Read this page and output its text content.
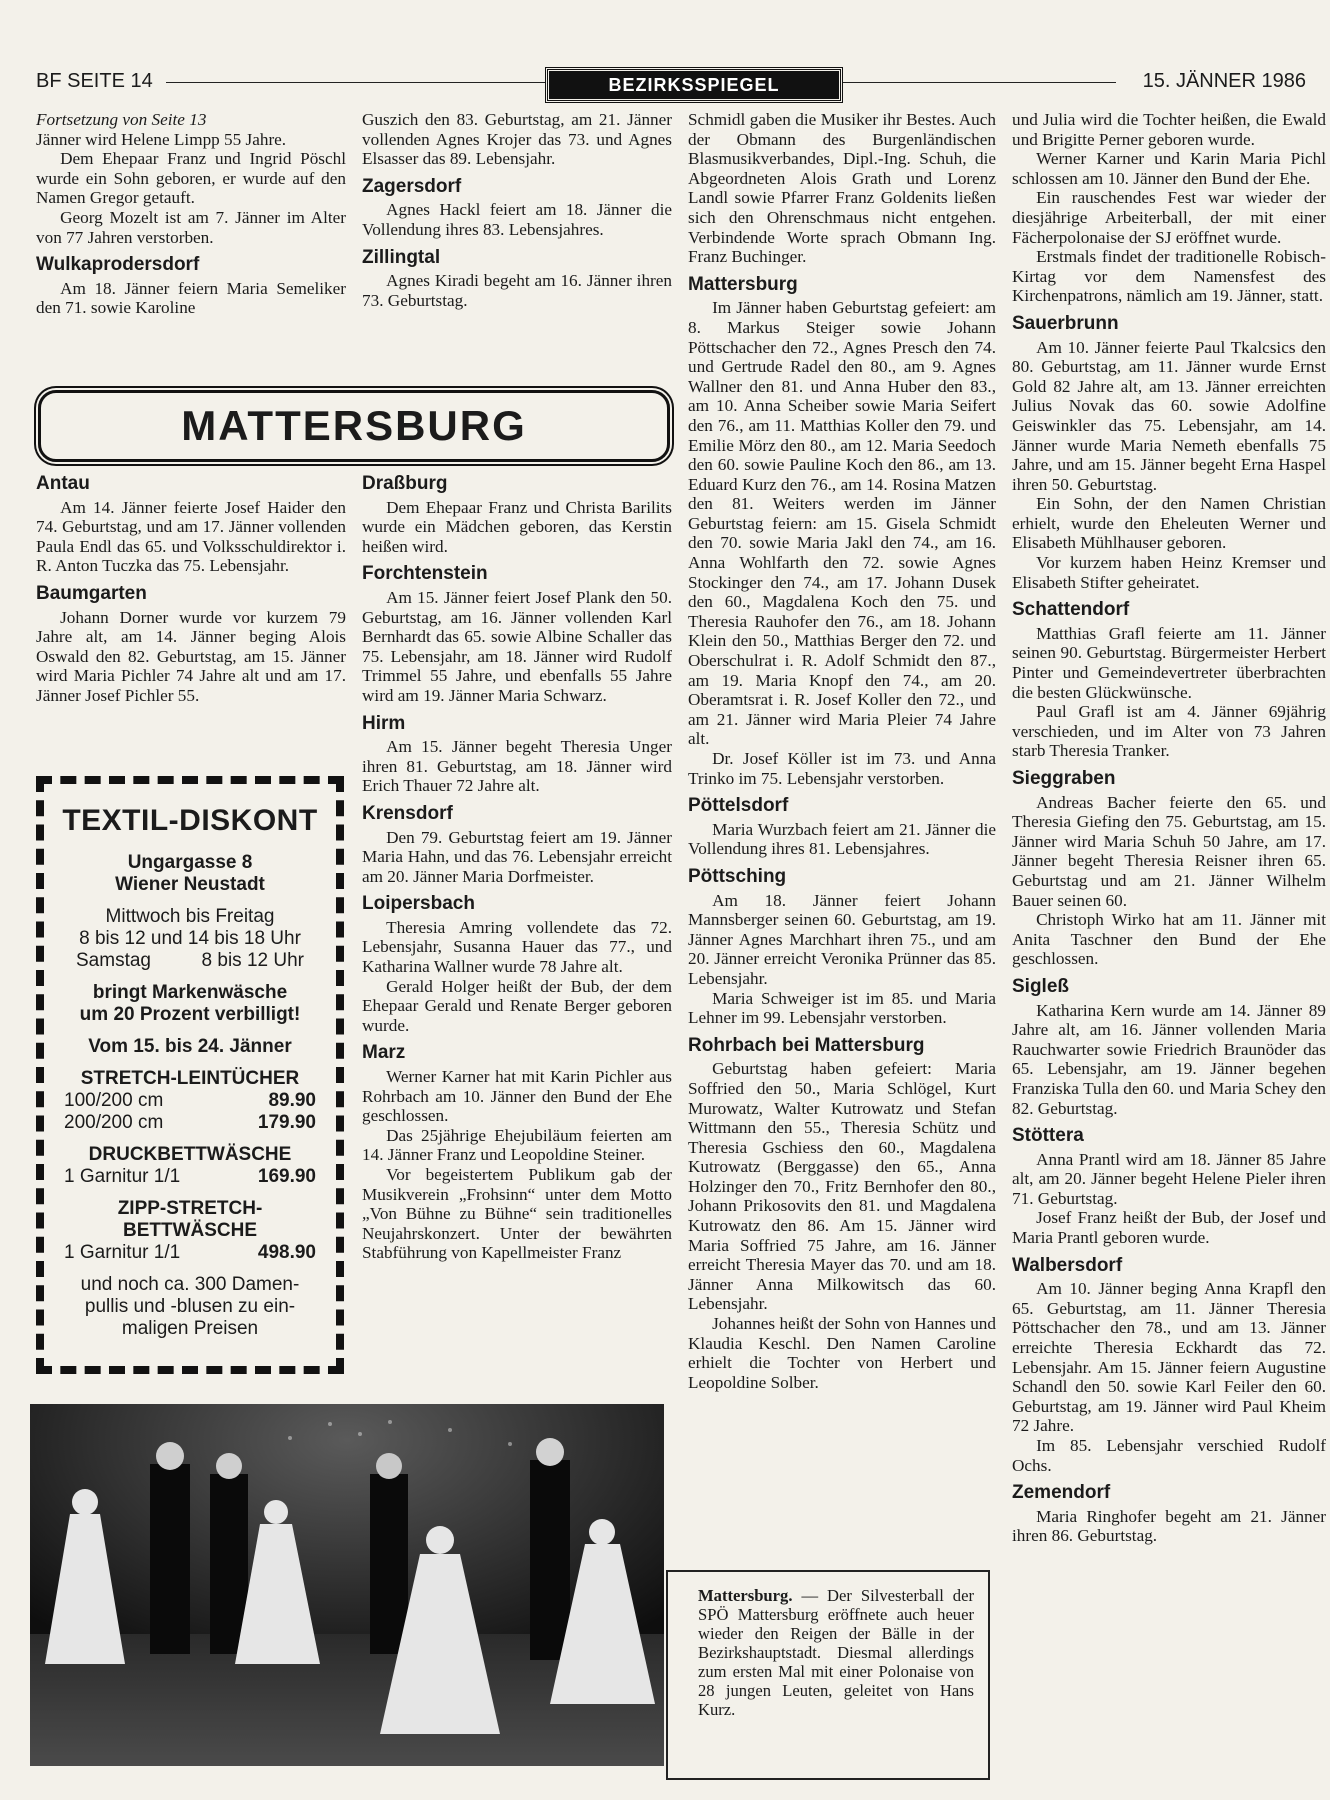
BF SEITE 14	BEZIRKSSPIEGEL	15. JÄNNER 1986

Fortsetzung von Seite 13

Jänner wird Helene Limpp 55 Jahre.

Dem Ehepaar Franz und Ingrid Pöschl wurde ein Sohn geboren, er wurde auf den Namen Gregor getauft.

Georg Mozelt ist am 7. Jänner im Alter von 77 Jahren verstorben.

Wulkaprodersdorf

Am 18. Jänner feiern Maria Semeliker den 71. sowie Karoline

Guszich den 83. Geburtstag, am 21. Jänner vollenden Agnes Krojer das 73. und Agnes Elsasser das 89. Lebensjahr.

Zagersdorf

Agnes Hackl feiert am 18. Jänner die Vollendung ihres 83. Lebensjahres.

Zillingtal

Agnes Kiradi begeht am 16. Jänner ihren 73. Geburtstag.

MATTERSBURG
Antau

Am 14. Jänner feierte Josef Haider den 74. Geburtstag, und am 17. Jänner vollenden Paula Endl das 65. und Volksschuldirektor i. R. Anton Tuczka das 75. Lebensjahr.

Baumgarten

Johann Dorner wurde vor kurzem 79 Jahre alt, am 14. Jänner beging Alois Oswald den 82. Geburtstag, am 15. Jänner wird Maria Pichler 74 Jahre alt und am 17. Jänner Josef Pichler 55.

TEXTIL-DISKONT
Ungargasse 8
Wiener Neustadt
Mittwoch bis Freitag
8 bis 12 und 14 bis 18 Uhr
Samstag	8 bis 12 Uhr
bringt Markenwäsche
um 20 Prozent verbilligt!
Vom 15. bis 24. Jänner
STRETCH-LEINTÜCHER
100/200 cm	89.90
200/200 cm	179.90
DRUCKBETTWÄSCHE
1 Garnitur 1/1	169.90
ZIPP-STRETCH-
BETTWÄSCHE
1 Garnitur 1/1	498.90
und noch ca. 300 Damen-
pullis und -blusen zu ein-
maligen Preisen
Draßburg

Dem Ehepaar Franz und Christa Barilits wurde ein Mädchen geboren, das Kerstin heißen wird.

Forchtenstein

Am 15. Jänner feiert Josef Plank den 50. Geburtstag, am 16. Jänner vollenden Karl Bernhardt das 65. sowie Albine Schaller das 75. Lebensjahr, am 18. Jänner wird Rudolf Trimmel 55 Jahre, und ebenfalls 55 Jahre wird am 19. Jänner Maria Schwarz.

Hirm

Am 15. Jänner begeht Theresia Unger ihren 81. Geburtstag, am 18. Jänner wird Erich Thauer 72 Jahre alt.

Krensdorf

Den 79. Geburtstag feiert am 19. Jänner Maria Hahn, und das 76. Lebensjahr erreicht am 20. Jänner Maria Dorfmeister.

Loipersbach

Theresia Amring vollendete das 72. Lebensjahr, Susanna Hauer das 77., und Katharina Wallner wurde 78 Jahre alt.

Gerald Holger heißt der Bub, der dem Ehepaar Gerald und Renate Berger geboren wurde.

Marz

Werner Karner hat mit Karin Pichler aus Rohrbach am 10. Jänner den Bund der Ehe geschlossen.

Das 25jährige Ehejubiläum feierten am 14. Jänner Franz und Leopoldine Steiner.

Vor begeistertem Publikum gab der Musikverein „Frohsinn“ unter dem Motto „Von Bühne zu Bühne“ sein traditionelles Neujahrskonzert. Unter der bewährten Stabführung von Kapellmeister Franz

Schmidl gaben die Musiker ihr Bestes. Auch der Obmann des Burgenländischen Blasmusikverbandes, Dipl.-Ing. Schuh, die Abgeordneten Alois Grath und Lorenz Landl sowie Pfarrer Franz Goldenits ließen sich den Ohrenschmaus nicht entgehen. Verbindende Worte sprach Obmann Ing. Franz Buchinger.

Mattersburg

Im Jänner haben Geburtstag gefeiert: am 8. Markus Steiger sowie Johann Pöttschacher den 72., Agnes Presch den 74. und Gertrude Radel den 80., am 9. Agnes Wallner den 81. und Anna Huber den 83., am 10. Anna Scheiber sowie Maria Seifert den 76., am 11. Matthias Koller den 79. und Emilie Mörz den 80., am 12. Maria Seedoch den 60. sowie Pauline Koch den 86., am 13. Eduard Kurz den 76., am 14. Rosina Matzen den 81. Weiters werden im Jänner Geburtstag feiern: am 15. Gisela Schmidt den 70. sowie Maria Jakl den 74., am 16. Anna Wohlfarth den 72. sowie Agnes Stockinger den 74., am 17. Johann Dusek den 60., Magdalena Koch den 75. und Theresia Rauhofer den 76., am 18. Johann Klein den 50., Matthias Berger den 72. und Oberschulrat i. R. Adolf Schmidt den 87., am 19. Maria Knopf den 74., am 20. Oberamtsrat i. R. Josef Koller den 72., und am 21. Jänner wird Maria Pleier 74 Jahre alt.

Dr. Josef Köller ist im 73. und Anna Trinko im 75. Lebensjahr verstorben.

Pöttelsdorf

Maria Wurzbach feiert am 21. Jänner die Vollendung ihres 81. Lebensjahres.

Pöttsching

Am 18. Jänner feiert Johann Mannsberger seinen 60. Geburtstag, am 19. Jänner Agnes Marchhart ihren 75., und am 20. Jänner erreicht Veronika Prünner das 85. Lebensjahr.

Maria Schweiger ist im 85. und Maria Lehner im 99. Lebensjahr verstorben.

Rohrbach bei Mattersburg

Geburtstag haben gefeiert: Maria Soffried den 50., Maria Schlögel, Kurt Murowatz, Walter Kutrowatz und Stefan Wittmann den 55., Theresia Schütz und Theresia Gschiess den 60., Magdalena Kutrowatz (Berggasse) den 65., Anna Holzinger den 70., Fritz Bernhofer den 80., Johann Prikosovits den 81. und Magdalena Kutrowatz den 86. Am 15. Jänner wird Maria Soffried 75 Jahre, am 16. Jänner erreicht Theresia Mayer das 70. und am 18. Jänner Anna Milkowitsch das 60. Lebensjahr.

Johannes heißt der Sohn von Hannes und Klaudia Keschl. Den Namen Caroline erhielt die Tochter von Herbert und Leopoldine Solber.

und Julia wird die Tochter heißen, die Ewald und Brigitte Perner geboren wurde.

Werner Karner und Karin Maria Pichl schlossen am 10. Jänner den Bund der Ehe.

Ein rauschendes Fest war wieder der diesjährige Arbeiterball, der mit einer Fächerpolonaise der SJ eröffnet wurde.

Erstmals findet der traditionelle Robisch-Kirtag vor dem Namensfest des Kirchenpatrons, nämlich am 19. Jänner, statt.

Sauerbrunn

Am 10. Jänner feierte Paul Tkalcsics den 80. Geburtstag, am 11. Jänner wurde Ernst Gold 82 Jahre alt, am 13. Jänner erreichten Julius Novak das 60. sowie Adolfine Geiswinkler das 75. Lebensjahr, am 14. Jänner wurde Maria Nemeth ebenfalls 75 Jahre, und am 15. Jänner begeht Erna Haspel ihren 50. Geburtstag.

Ein Sohn, der den Namen Christian erhielt, wurde den Eheleuten Werner und Elisabeth Mühlhauser geboren.

Vor kurzem haben Heinz Kremser und Elisabeth Stifter geheiratet.

Schattendorf

Matthias Grafl feierte am 11. Jänner seinen 90. Geburtstag. Bürgermeister Herbert Pinter und Gemeindevertreter überbrachten die besten Glückwünsche.

Paul Grafl ist am 4. Jänner 69jährig verschieden, und im Alter von 73 Jahren starb Theresia Tranker.

Sieggraben

Andreas Bacher feierte den 65. und Theresia Giefing den 75. Geburtstag, am 15. Jänner wird Maria Schuh 50 Jahre, am 17. Jänner begeht Theresia Reisner ihren 65. Geburtstag und am 21. Jänner Wilhelm Bauer seinen 60.

Christoph Wirko hat am 11. Jänner mit Anita Taschner den Bund der Ehe geschlossen.

Sigleß

Katharina Kern wurde am 14. Jänner 89 Jahre alt, am 16. Jänner vollenden Maria Rauchwarter sowie Friedrich Braunöder das 65. Lebensjahr, am 19. Jänner begehen Franziska Tulla den 60. und Maria Schey den 82. Geburtstag.

Stöttera

Anna Prantl wird am 18. Jänner 85 Jahre alt, am 20. Jänner begeht Helene Pieler ihren 71. Geburtstag.

Josef Franz heißt der Bub, der Josef und Maria Prantl geboren wurde.

Walbersdorf

Am 10. Jänner beging Anna Krapfl den 65. Geburtstag, am 11. Jänner Theresia Pöttschacher den 78., und am 13. Jänner erreichte Theresia Eckhardt das 72. Lebensjahr. Am 15. Jänner feiern Augustine Schandl den 50. sowie Karl Feiler den 60. Geburtstag, am 19. Jänner wird Paul Kheim 72 Jahre.

Im 85. Lebensjahr verschied Rudolf Ochs.

Zemendorf

Maria Ringhofer begeht am 21. Jänner ihren 86. Geburtstag.

Mattersburg. — Der Silvesterball der SPÖ Mattersburg eröffnete auch heuer wieder den Reigen der Bälle in der Bezirkshauptstadt. Diesmal allerdings zum ersten Mal mit einer Polonaise von 28 jungen Leuten, geleitet von Hans Kurz.
